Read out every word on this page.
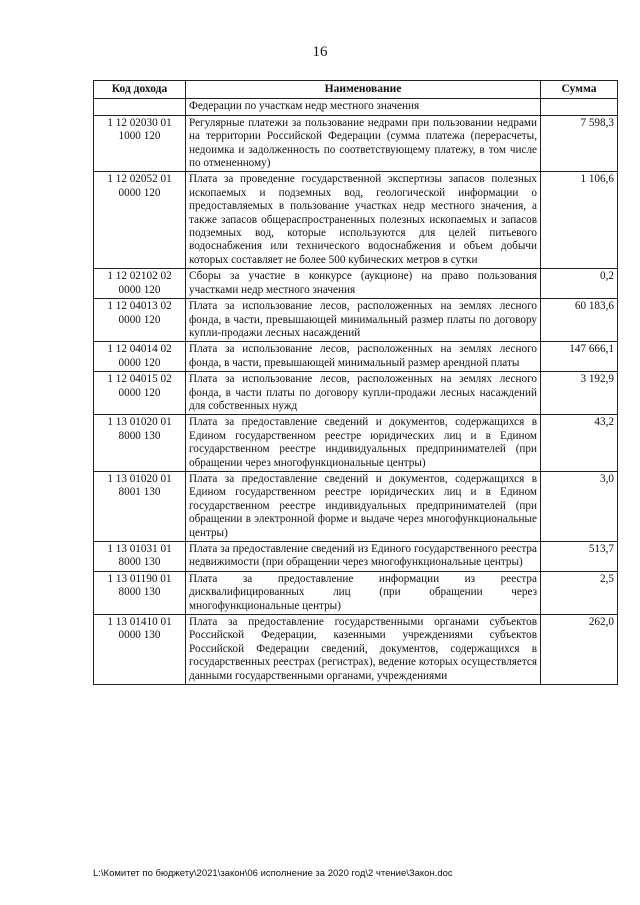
16
Код дохода	Наименование	Сумма
	Федерации по участкам недр местного значения	
1 12 02030 01 1000 120	Регулярные платежи за пользование недрами при пользовании недрами на территории Российской Федерации (сумма платежа (перерасчеты, недоимка и задолженность по соответствующему платежу, в том числе по отмененному)	7 598,3
1 12 02052 01 0000 120	Плата за проведение государственной экспертизы запасов полезных ископаемых и подземных вод, геологической информации о предоставляемых в пользование участках недр местного значения, а также запасов общераспространенных полезных ископаемых и запасов подземных вод, которые используются для целей питьевого водоснабжения или технического водоснабжения и объем добычи которых составляет не более 500 кубических метров в сутки	1 106,6
1 12 02102 02 0000 120	Сборы за участие в конкурсе (аукционе) на право пользования участками недр местного значения	0,2
1 12 04013 02 0000 120	Плата за использование лесов, расположенных на землях лесного фонда, в части, превышающей минимальный размер платы по договору купли-продажи лесных насаждений	60 183,6
1 12 04014 02 0000 120	Плата за использование лесов, расположенных на землях лесного фонда, в части, превышающей минимальный размер арендной платы	147 666,1
1 12 04015 02 0000 120	Плата за использование лесов, расположенных на землях лесного фонда, в части платы по договору купли-продажи лесных насаждений для собственных нужд	3 192,9
1 13 01020 01 8000 130	Плата за предоставление сведений и документов, содержащихся в Едином государственном реестре юридических лиц и в Едином государственном реестре индивидуальных предпринимателей (при обращении через многофункциональные центры)	43,2
1 13 01020 01 8001 130	Плата за предоставление сведений и документов, содержащихся в Едином государственном реестре юридических лиц и в Едином государственном реестре индивидуальных предпринимателей (при обращении в электронной форме и выдаче через многофункциональные центры)	3,0
1 13 01031 01 8000 130	Плата за предоставление сведений из Единого государственного реестра недвижимости (при обращении через многофункциональные центры)	513,7
1 13 01190 01 8000 130	Плата за предоставление информации из реестра дисквалифицированных лиц (при обращении через многофункциональные центры)	2,5
1 13 01410 01 0000 130	Плата за предоставление государственными органами субъектов Российской Федерации, казенными учреждениями субъектов Российской Федерации сведений, документов, содержащихся в государственных реестрах (регистрах), ведение которых осуществляется данными государственными органами, учреждениями	262,0
L:\Комитет по бюджету\2021\закон\06 исполнение за 2020 год\2 чтение\Закон.doc
